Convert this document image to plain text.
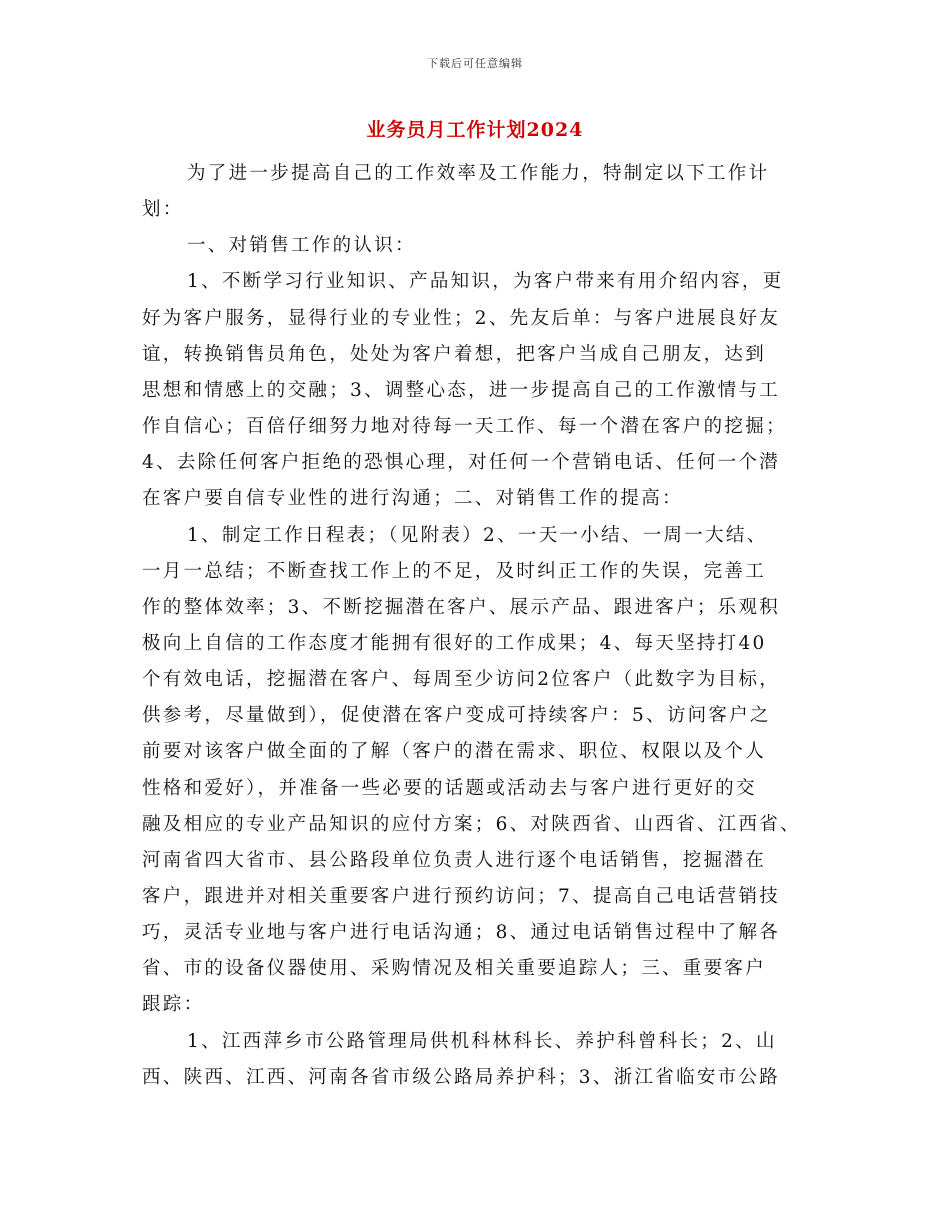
下载后可任意编辑
业务员月工作计划2024
为了进一步提高自己的工作效率及工作能力，特制定以下工作计
划：
一、对销售工作的认识：
1、不断学习行业知识、产品知识，为客户带来有用介绍内容，更
好为客户服务，显得行业的专业性；2、先友后单：与客户进展良好友
谊，转换销售员角色，处处为客户着想，把客户当成自己朋友，达到
思想和情感上的交融；3、调整心态，进一步提高自己的工作激情与工
作自信心；百倍仔细努力地对待每一天工作、每一个潜在客户的挖掘；
4、去除任何客户拒绝的恐惧心理，对任何一个营销电话、任何一个潜
在客户要自信专业性的进行沟通；二、对销售工作的提高：
1、制定工作日程表；（见附表）2、一天一小结、一周一大结、
一月一总结；不断查找工作上的不足，及时纠正工作的失误，完善工
作的整体效率；3、不断挖掘潜在客户、展示产品、跟进客户；乐观积
极向上自信的工作态度才能拥有很好的工作成果；4、每天坚持打40
个有效电话，挖掘潜在客户、每周至少访问2位客户（此数字为目标，
供参考，尽量做到），促使潜在客户变成可持续客户：5、访问客户之
前要对该客户做全面的了解（客户的潜在需求、职位、权限以及个人
性格和爱好），并准备一些必要的话题或活动去与客户进行更好的交
融及相应的专业产品知识的应付方案；6、对陕西省、山西省、江西省、
河南省四大省市、县公路段单位负责人进行逐个电话销售，挖掘潜在
客户，跟进并对相关重要客户进行预约访问；7、提高自己电话营销技
巧，灵活专业地与客户进行电话沟通；8、通过电话销售过程中了解各
省、市的设备仪器使用、采购情况及相关重要追踪人；三、重要客户
跟踪：
1、江西萍乡市公路管理局供机科林科长、养护科曾科长；2、山
西、陕西、江西、河南各省市级公路局养护科；3、浙江省临安市公路
